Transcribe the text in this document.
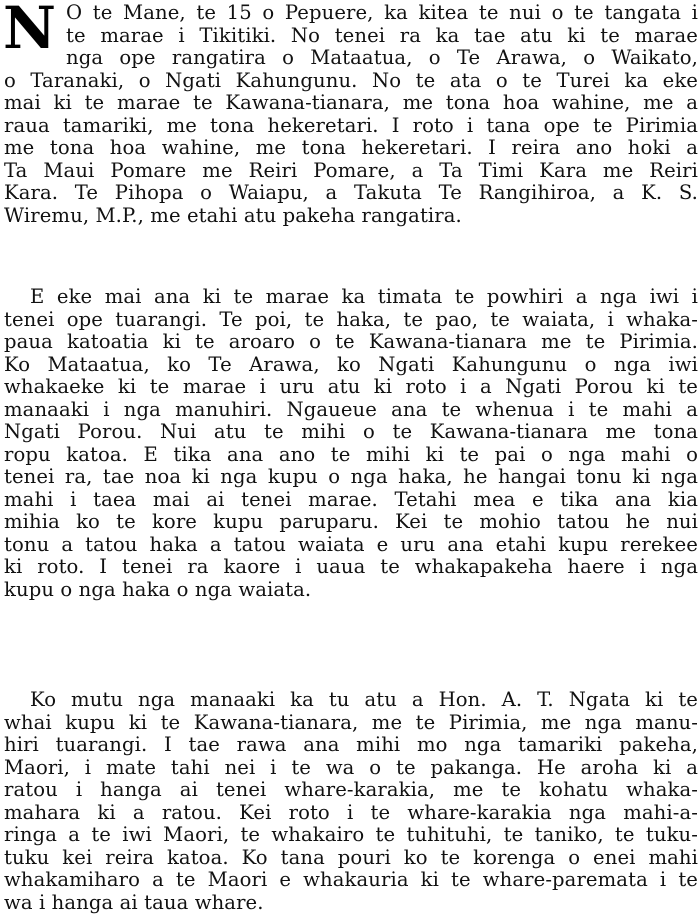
N O te Mane, te 15 o Pepuere, ka kitea te nui o te tangata i
te marae i Tikitiki. No tenei ra ka tae atu ki te marae
nga ope rangatira o Mataatua, o Te Arawa, o Waikato,
o Taranaki, o Ngati Kahungunu. No te ata o te Turei ka eke
mai ki te marae te Kawana-tianara, me tona hoa wahine, me a
raua tamariki, me tona hekeretari. I roto i tana ope te Pirimia
me tona hoa wahine, me tona hekeretari. I reira ano hoki a
Ta Maui Pomare me Reiri Pomare, a Ta Timi Kara me Reiri
Kara. Te Pihopa o Waiapu, a Takuta Te Rangihiroa, a K. S.
Wiremu, M.P., me etahi atu pakeha rangatira.
E eke mai ana ki te marae ka timata te powhiri a nga iwi i
tenei ope tuarangi. Te poi, te haka, te pao, te waiata, i whaka-
paua katoatia ki te aroaro o te Kawana-tianara me te Pirimia.
Ko Mataatua, ko Te Arawa, ko Ngati Kahungunu o nga iwi
whakaeke ki te marae i uru atu ki roto i a Ngati Porou ki te
manaaki i nga manuhiri. Ngaueue ana te whenua i te mahi a
Ngati Porou. Nui atu te mihi o te Kawana-tianara me tona
ropu katoa. E tika ana ano te mihi ki te pai o nga mahi o
tenei ra, tae noa ki nga kupu o nga haka, he hangai tonu ki nga
mahi i taea mai ai tenei marae. Tetahi mea e tika ana kia
mihia ko te kore kupu paruparu. Kei te mohio tatou he nui
tonu a tatou haka a tatou waiata e uru ana etahi kupu rerekee
ki roto. I tenei ra kaore i uaua te whakapakeha haere i nga
kupu o nga haka o nga waiata.
Ko mutu nga manaaki ka tu atu a Hon. A. T. Ngata ki te
whai kupu ki te Kawana-tianara, me te Pirimia, me nga manu-
hiri tuarangi. I tae rawa ana mihi mo nga tamariki pakeha,
Maori, i mate tahi nei i te wa o te pakanga. He aroha ki a
ratou i hanga ai tenei whare-karakia, me te kohatu whaka-
mahara ki a ratou. Kei roto i te whare-karakia nga mahi-a-
ringa a te iwi Maori, te whakairo te tuhituhi, te taniko, te tuku-
tuku kei reira katoa. Ko tana pouri ko te korenga o enei mahi
whakamiharo a te Maori e whakauria ki te whare-paremata i te
wa i hanga ai taua whare.
